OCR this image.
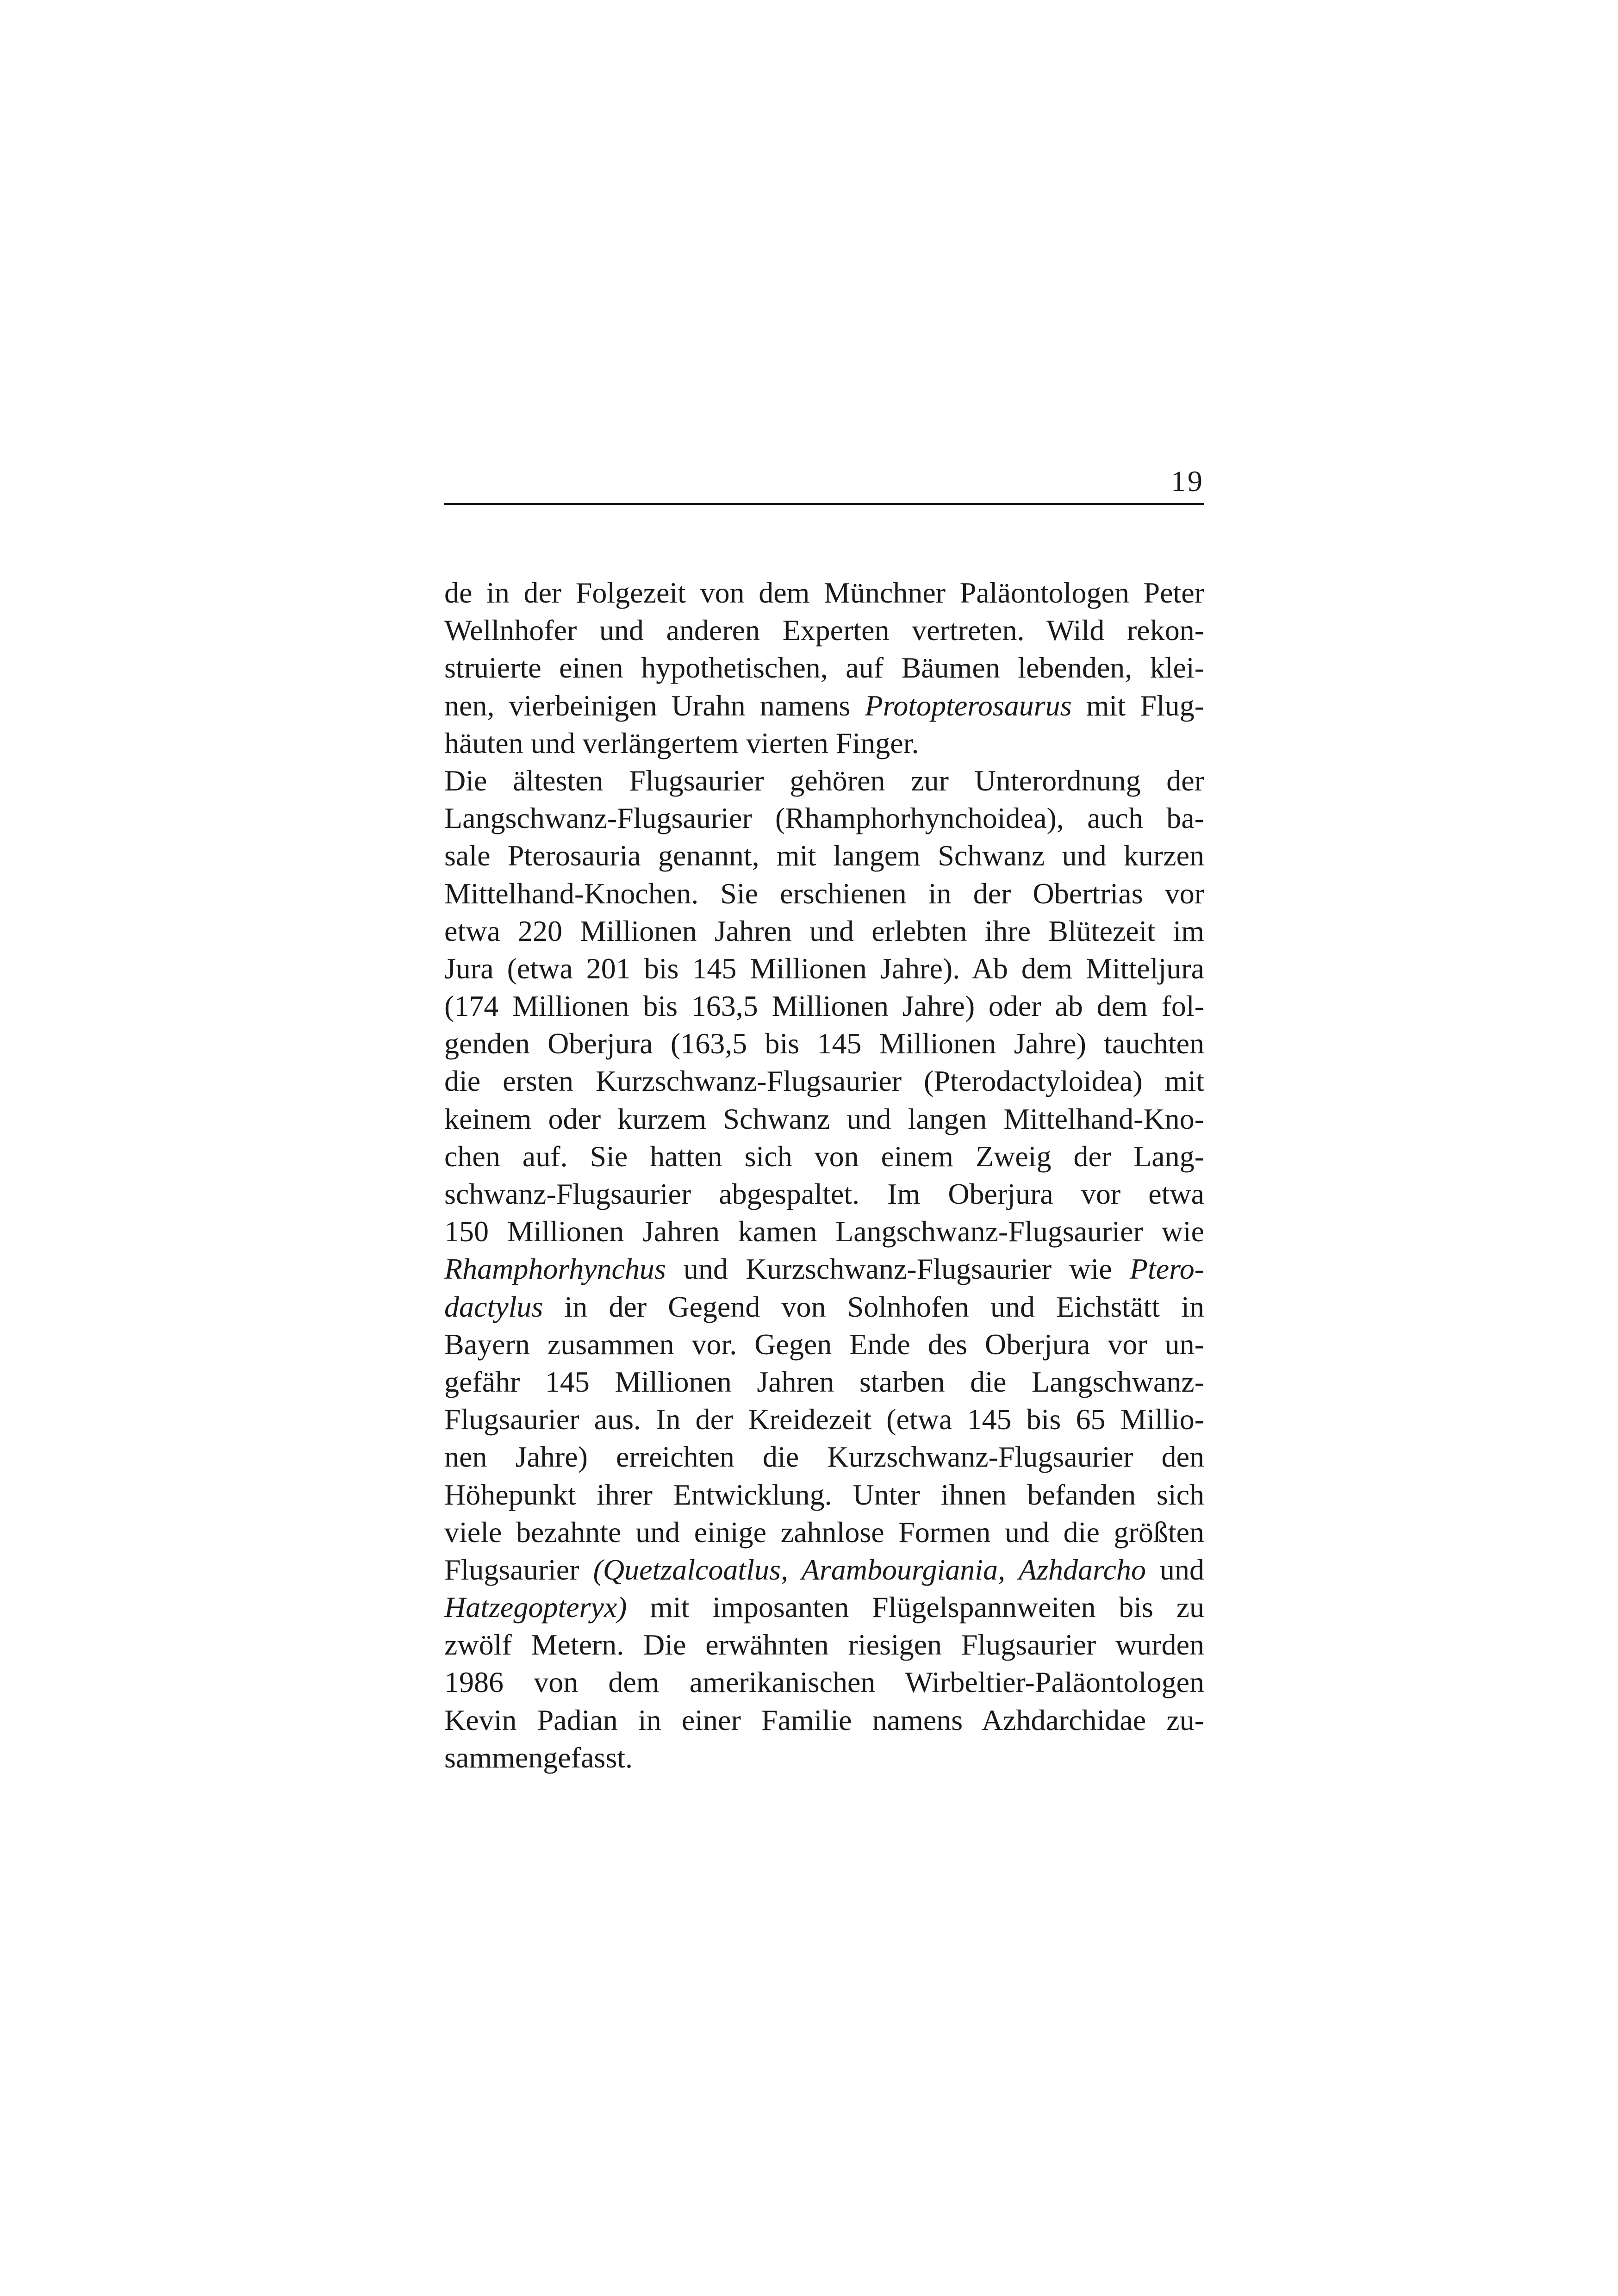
19
de in der Folgezeit von dem Münchner Paläontologen Peter
Wellnhofer und anderen Experten vertreten. Wild rekon-
struierte einen hypothetischen, auf Bäumen lebenden, klei-
nen, vierbeinigen Urahn namens Protopterosaurus mit Flug-
häuten und verlängertem vierten Finger.
Die ältesten Flugsaurier gehören zur Unterordnung der
Langschwanz-Flugsaurier (Rhamphorhynchoidea), auch ba-
sale Pterosauria genannt, mit langem Schwanz und kurzen
Mittelhand-Knochen. Sie erschienen in der Obertrias vor
etwa 220 Millionen Jahren und erlebten ihre Blütezeit im
Jura (etwa 201 bis 145 Millionen Jahre). Ab dem Mitteljura
(174 Millionen bis 163,5 Millionen Jahre) oder ab dem fol-
genden Oberjura (163,5 bis 145 Millionen Jahre) tauchten
die ersten Kurzschwanz-Flugsaurier (Pterodactyloidea) mit
keinem oder kurzem Schwanz und langen Mittelhand-Kno-
chen auf. Sie hatten sich von einem Zweig der Lang-
schwanz-Flugsaurier abgespaltet. Im Oberjura vor etwa
150 Millionen Jahren kamen Langschwanz-Flugsaurier wie
Rhamphorhynchus und Kurzschwanz-Flugsaurier wie Ptero-
dactylus in der Gegend von Solnhofen und Eichstätt in
Bayern zusammen vor. Gegen Ende des Oberjura vor un-
gefähr 145 Millionen Jahren starben die Langschwanz-
Flugsaurier aus. In der Kreidezeit (etwa 145 bis 65 Millio-
nen Jahre) erreichten die Kurzschwanz-Flugsaurier den
Höhepunkt ihrer Entwicklung. Unter ihnen befanden sich
viele bezahnte und einige zahnlose Formen und die größten
Flugsaurier (Quetzalcoatlus, Arambourgiania, Azhdarcho und
Hatzegopteryx) mit imposanten Flügelspannweiten bis zu
zwölf Metern. Die erwähnten riesigen Flugsaurier wurden
1986 von dem amerikanischen Wirbeltier-Paläontologen
Kevin Padian in einer Familie namens Azhdarchidae zu-
sammengefasst.
